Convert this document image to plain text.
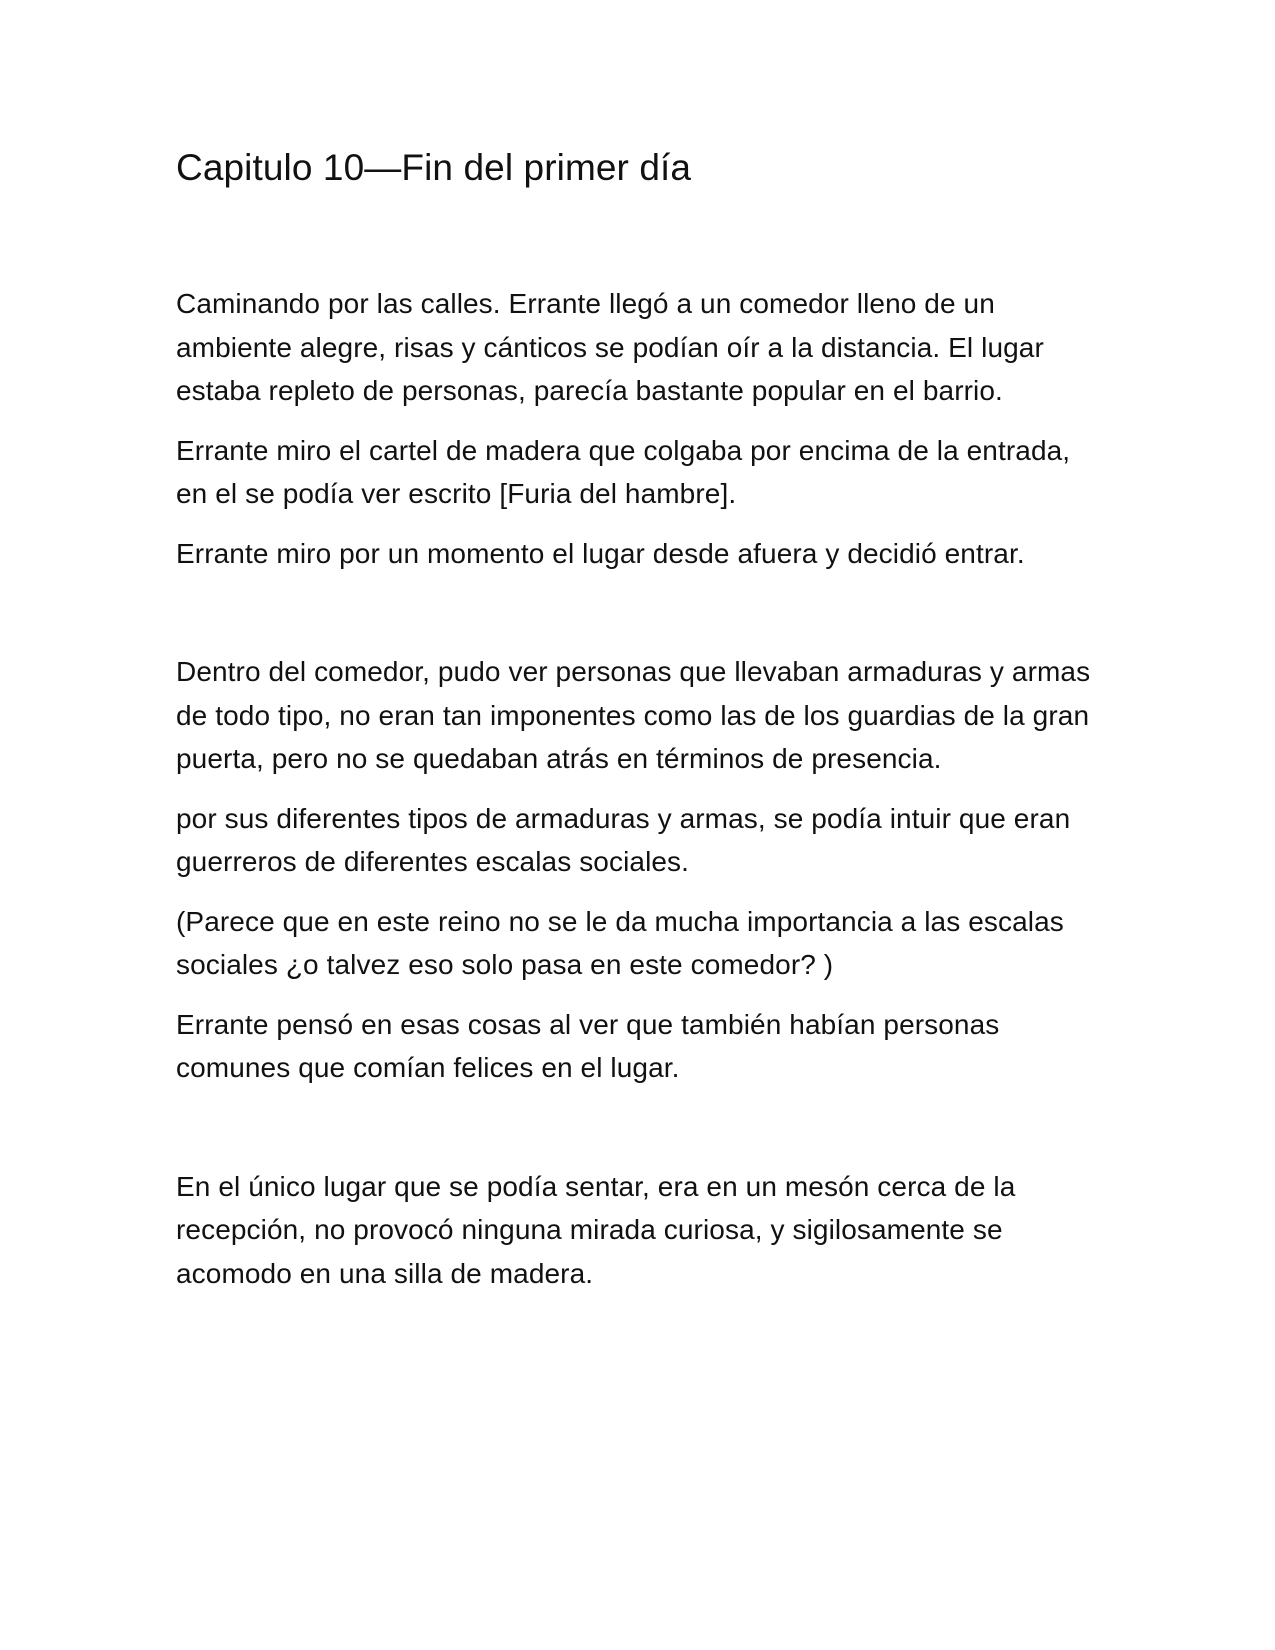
Capitulo 10—Fin del primer día

Caminando por las calles. Errante llegó a un comedor lleno de un ambiente alegre, risas y cánticos se podían oír a la distancia. El lugar estaba repleto de personas, parecía bastante popular en el barrio.

Errante miro el cartel de madera que colgaba por encima de la entrada, en el se podía ver escrito [Furia del hambre].

Errante miro por un momento el lugar desde afuera y decidió entrar.

Dentro del comedor, pudo ver personas que llevaban armaduras y armas de todo tipo, no eran tan imponentes como las de los guardias de la gran puerta, pero no se quedaban atrás en términos de presencia.

por sus diferentes tipos de armaduras y armas, se podía intuir que eran guerreros de diferentes escalas sociales.

(Parece que en este reino no se le da mucha importancia a las escalas sociales ¿o talvez eso solo pasa en este comedor? )

Errante pensó en esas cosas al ver que también habían personas comunes que comían felices en el lugar.

En el único lugar que se podía sentar, era en un mesón cerca de la recepción, no provocó ninguna mirada curiosa, y sigilosamente se acomodo en una silla de madera.
